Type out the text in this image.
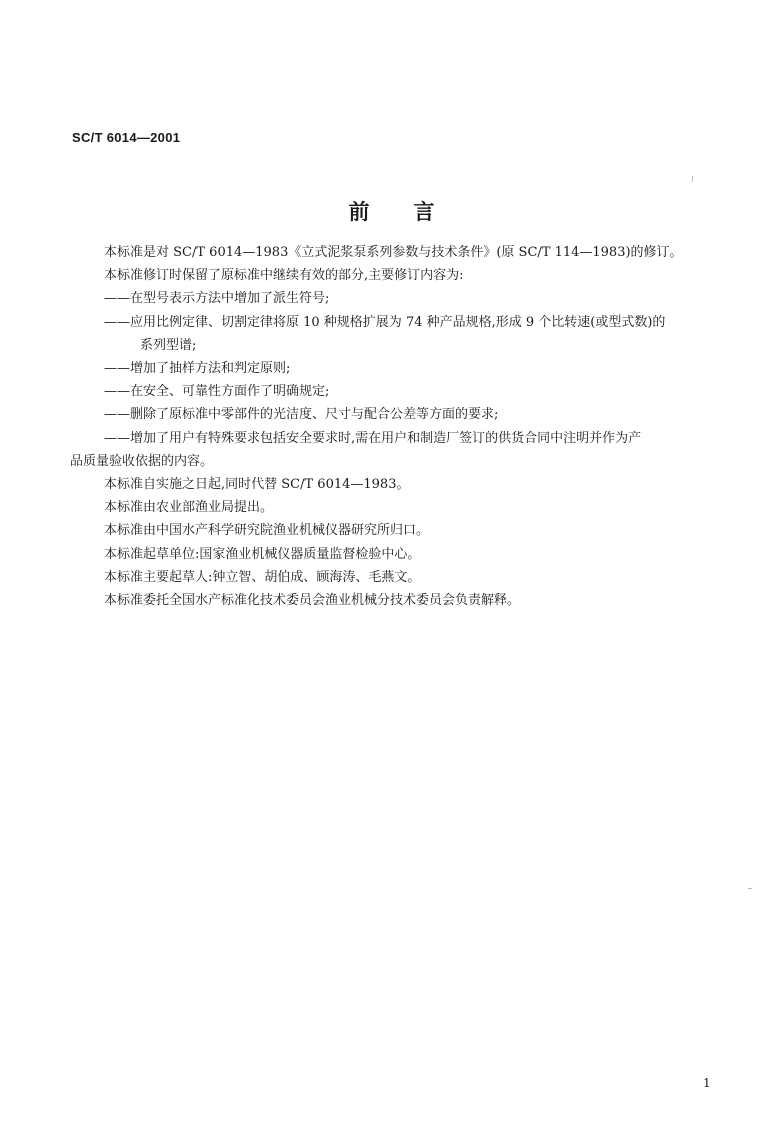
SC/T 6014—2001
前言

本标准是对 SC/T 6014—1983《立式泥浆泵系列参数与技术条件》(原 SC/T 114—1983)的修订。

本标准修订时保留了原标准中继续有效的部分,主要修订内容为:

——在型号表示方法中增加了派生符号;

——应用比例定律、切割定律将原 10 种规格扩展为 74 种产品规格,形成 9 个比转速(或型式数)的

系列型谱;

——增加了抽样方法和判定原则;

——在安全、可靠性方面作了明确规定;

——删除了原标准中零部件的光洁度、尺寸与配合公差等方面的要求;

——增加了用户有特殊要求包括安全要求时,需在用户和制造厂签订的供货合同中注明并作为产

品质量验收依据的内容。

本标准自实施之日起,同时代替 SC/T 6014—1983。

本标准由农业部渔业局提出。

本标准由中国水产科学研究院渔业机械仪器研究所归口。

本标准起草单位:国家渔业机械仪器质量监督检验中心。

本标准主要起草人:钟立智、胡伯成、顾海涛、毛燕文。

本标准委托全国水产标准化技术委员会渔业机械分技术委员会负责解释。

1
